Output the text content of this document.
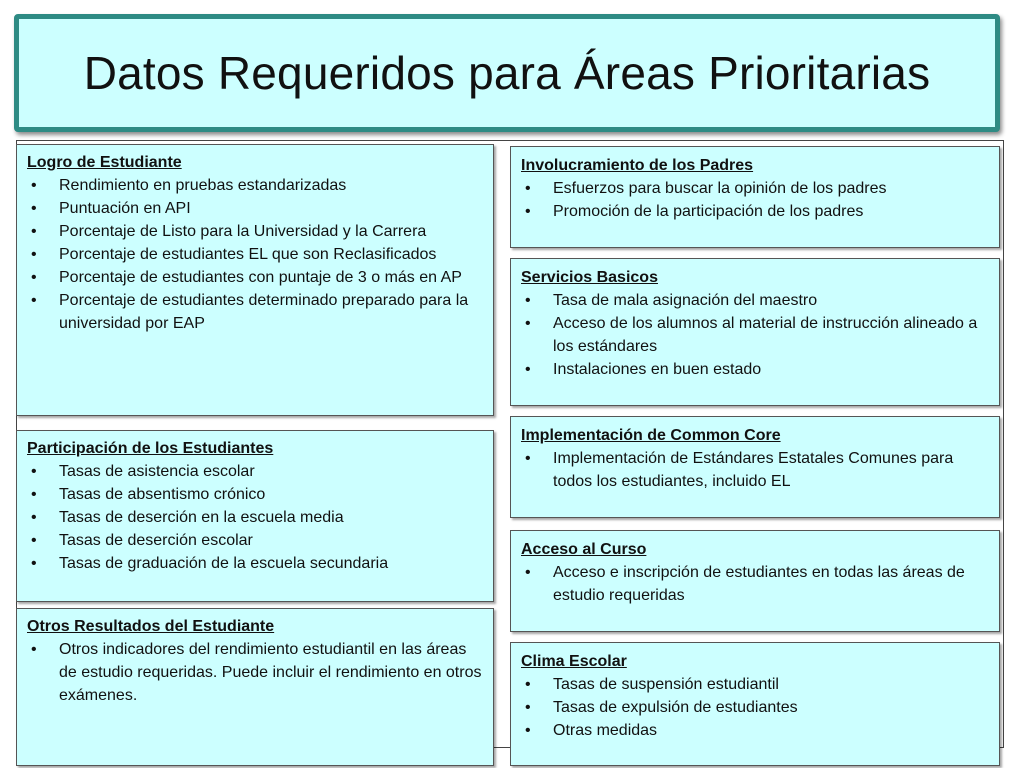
Datos Requeridos para Áreas Prioritarias

Logro de Estudiante

• Rendimiento en pruebas estandarizadas
• Puntuación en API
• Porcentaje de Listo para la Universidad y la Carrera
• Porcentaje de estudiantes EL que son Reclasificados
• Porcentaje de estudiantes con puntaje de 3 o más en AP
• Porcentaje de estudiantes determinado preparado para la universidad por EAP

Participación de los Estudiantes

• Tasas de asistencia escolar
• Tasas de absentismo crónico
• Tasas de deserción en la escuela media
• Tasas de deserción escolar
• Tasas de graduación de la escuela secundaria

Otros Resultados del Estudiante

• Otros indicadores del rendimiento estudiantil en las áreas de estudio requeridas. Puede incluir el rendimiento en otros exámenes.

Involucramiento de los Padres

• Esfuerzos para buscar la opinión de los padres
• Promoción de la participación de los padres

Servicios Basicos

• Tasa de mala asignación del maestro
• Acceso de los alumnos al material de instrucción alineado a los estándares
• Instalaciones en buen estado

Implementación de Common Core

• Implementación de Estándares Estatales Comunes para todos los estudiantes, incluido EL

Acceso al Curso

• Acceso e inscripción de estudiantes en todas las áreas de estudio requeridas

Clima Escolar

• Tasas de suspensión estudiantil
• Tasas de expulsión de estudiantes
• Otras medidas
